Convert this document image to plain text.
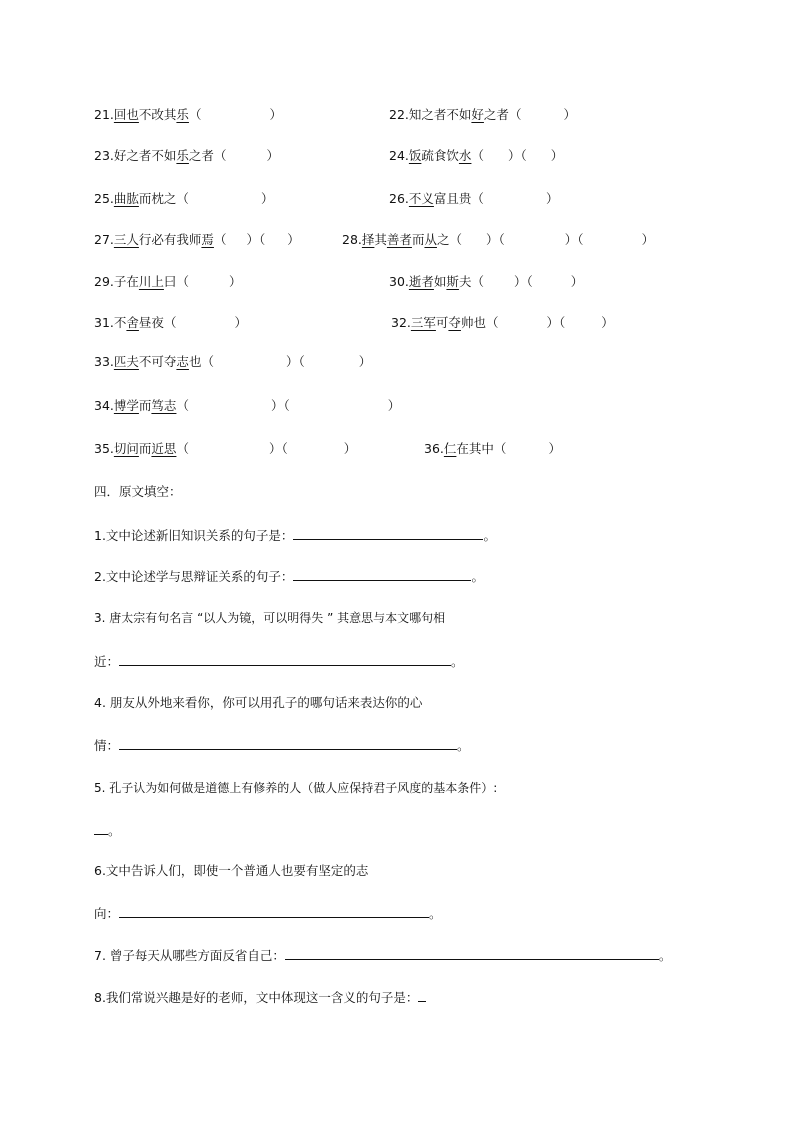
21.回也不改其乐（	）	22.知之者不如好之者（	）
23.好之者不如乐之者（	）	24.饭疏食饮水（ ）（ ）
25.曲肱而枕之（	）	26.不义富且贵（	）
27.三人行必有我师焉（ ）（ ）	28.择其善者而从之（ ）（	）（	）
29.子在川上曰（	）	30.逝者如斯夫（ ）（	）
31.不舍昼夜（	）	32.三军可夺帅也（	）（	）
33.匹夫不可夺志也（	）（	）
34.博学而笃志（	）（	）
35.切问而近思（	）（	）	36.仁在其中（	）
四．原文填空：
1.文中论述新旧知识关系的句子是：	。
2.文中论述学与思辩证关系的句子：	。
3. 唐太宗有句名言 “以人为镜，可以明得失 ” 其意思与本文哪句相
近：	。
4. 朋友从外地来看你，你可以用孔子的哪句话来表达你的心
情：	。
5. 孔子认为如何做是道德上有修养的人（做人应保持君子风度的基本条件）:
。
6.文中告诉人们，即使一个普通人也要有坚定的志
向：	。
7. 曾子每天从哪些方面反省自己：	。
8.我们常说兴趣是好的老师，文中体现这一含义的句子是：
